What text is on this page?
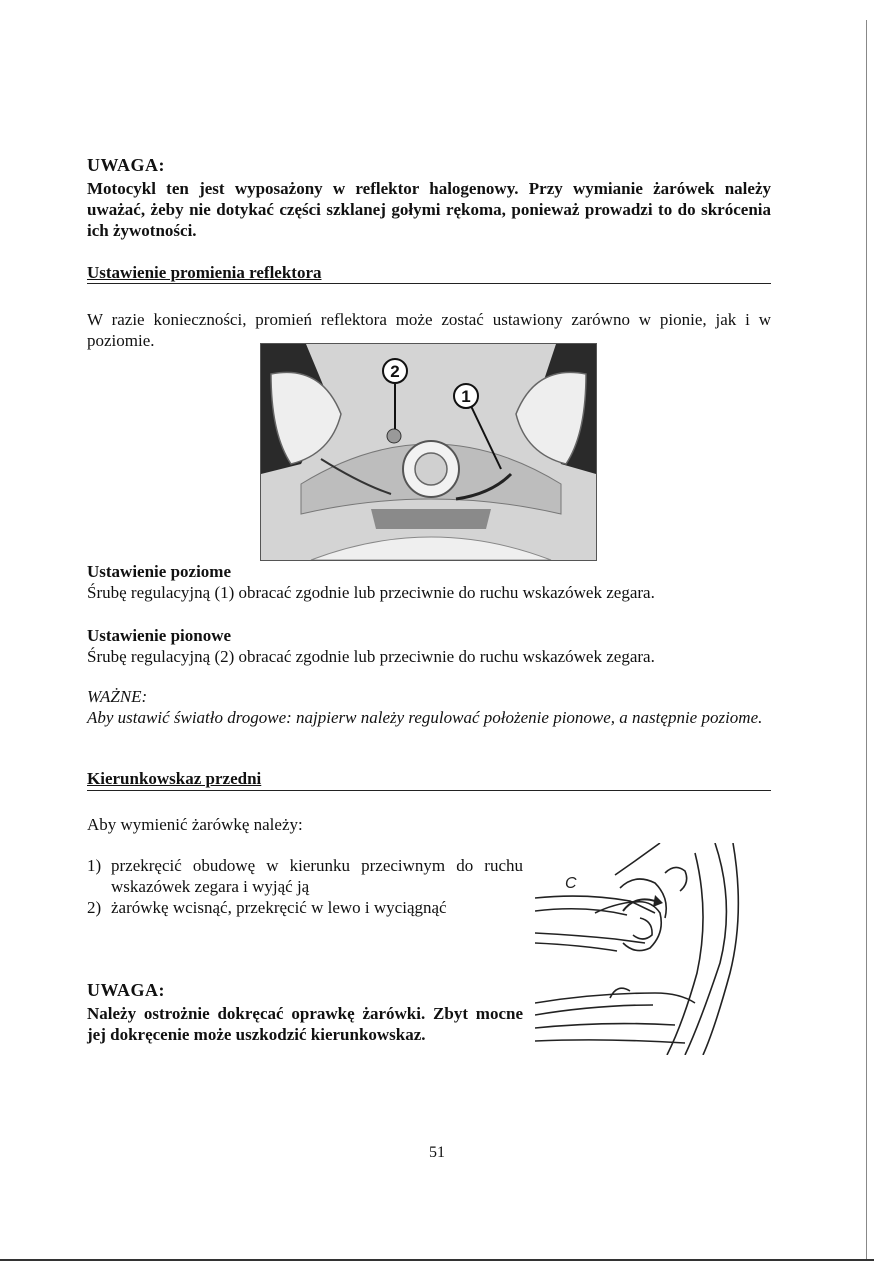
UWAGA:
Motocykl ten jest wyposażony w reflektor halogenowy. Przy wymianie żarówek należy uważać, żeby nie dotykać części szklanej gołymi rękoma, ponieważ prowadzi to do skrócenia ich żywotności.
Ustawienie promienia reflektora
W razie konieczności, promień reflektora może zostać ustawiony zarówno w pionie, jak i w poziomie.
2
1
Ustawienie poziome
Śrubę regulacyjną (1) obracać zgodnie lub przeciwnie do ruchu wskazówek zegara.
Ustawienie pionowe
Śrubę regulacyjną (2) obracać zgodnie lub przeciwnie do ruchu wskazówek zegara.
WAŻNE:
Aby ustawić światło drogowe: najpierw należy regulować położenie pionowe, a następnie poziome.
Kierunkowskaz przedni
Aby wymienić żarówkę należy:
1) przekręcić obudowę w kierunku przeciwnym do ruchu wskazówek zegara i wyjąć ją
2) żarówkę wcisnąć, przekręcić w lewo i wyciągnąć
UWAGA:
Należy ostrożnie dokręcać oprawkę żarówki. Zbyt mocne jej dokręcenie może uszkodzić kierunkowskaz.
C
51
